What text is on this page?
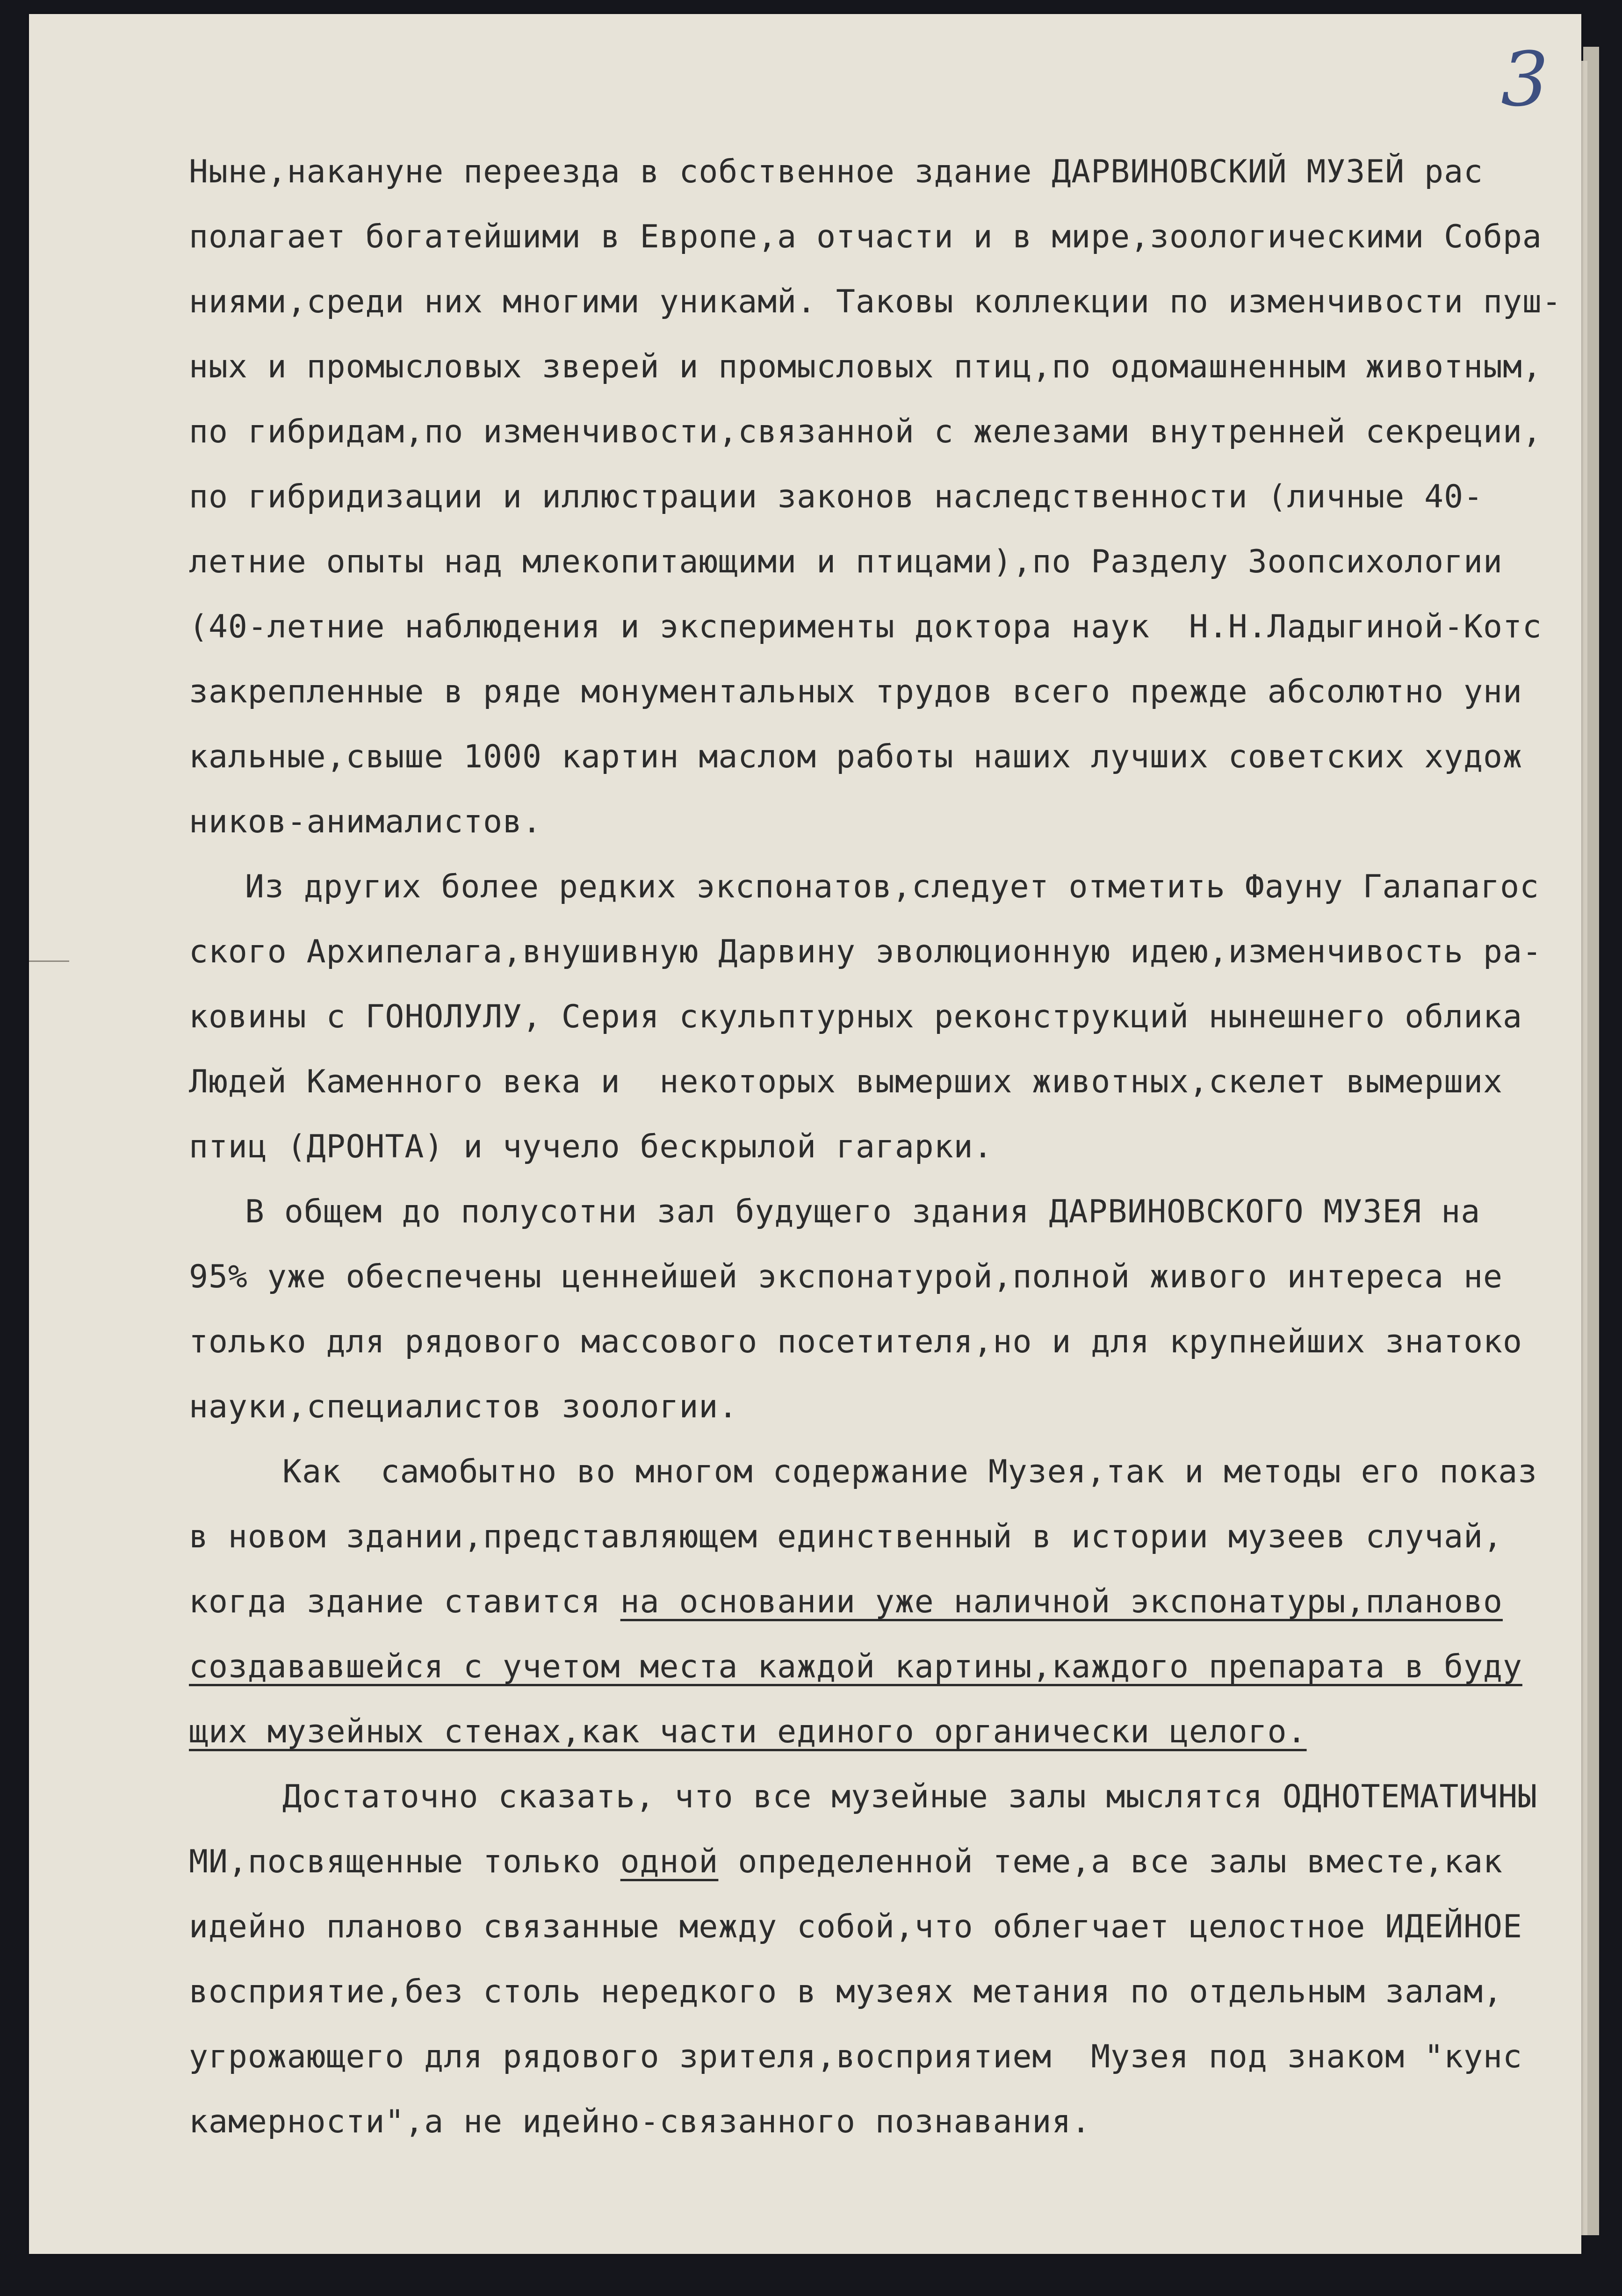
3
Ныне,накануне переезда в собственное здание ДАРВИНОВСКИЙ МУЗЕЙ рас
полагает богатейшими в Европе,а отчасти и в мире,зоологическими Собра
ниями,среди них многими уникамй. Таковы коллекции по изменчивости пуш-
ных и промысловых зверей и промысловых птиц,по одомашненным животным,
по гибридам,по изменчивости,связанной с железами внутренней секреции,
по гибридизации и иллюстрации законов наследственности (личные 40-
летние опыты над млекопитающими и птицами),по Разделу Зоопсихологии
(40-летние наблюдения и эксперименты доктора наук  Н.Н.Ладыгиной-Котс
закрепленные в ряде монументальных трудов всего прежде абсолютно уни
кальные,свыше 1000 картин маслом работы наших лучших советских худож
ников-анималистов.
Из других более редких экспонатов,следует отметить Фауну Галапагос
ского Архипелага,внушивную Дарвину эволюционную идею,изменчивость ра-
ковины с ГОНОЛУЛУ, Серия скульптурных реконструкций нынешнего облика
Людей Каменного века и  некоторых вымерших животных,скелет вымерших
птиц (ДРОНТА) и чучело бескрылой гагарки.
В общем до полусотни зал будущего здания ДАРВИНОВСКОГО МУЗЕЯ на
95% уже обеспечены ценнейшей экспонатурой,полной живого интереса не
только для рядового массового посетителя,но и для крупнейших знатоко
науки,специалистов зоологии.
Как  самобытно во многом содержание Музея,так и методы его показ
в новом здании,представляющем единственный в истории музеев случай,
когда здание ставится на основании уже наличной экспонатуры,планово
создававшейся с учетом места каждой картины,каждого препарата в буду
щих музейных стенах,как части единого органически целого.
Достаточно сказать, что все музейные залы мыслятся ОДНОТЕМАТИЧНЫ
МИ,посвященные только одной определенной теме,а все залы вместе,как
идейно планово связанные между собой,что облегчает целостное ИДЕЙНОЕ
восприятие,без столь нередкого в музеях метания по отдельным залам,
угрожающего для рядового зрителя,восприятием  Музея под знаком "кунс
камерности",а не идейно-связанного познавания.
